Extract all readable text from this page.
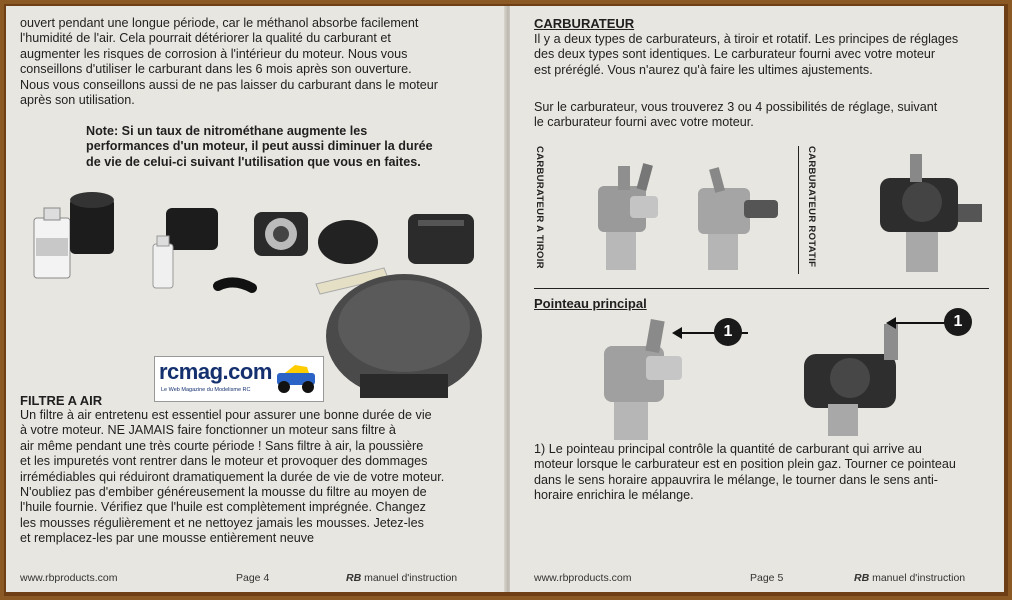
ouvert pendant une longue période, car le méthanol absorbe facilement
l'humidité de l'air. Cela pourrait détériorer la qualité du carburant et
augmenter les risques de corrosion à l'intérieur du moteur. Nous vous
conseillons d'utiliser le carburant dans les 6 mois après son ouverture.
Nous vous conseillons aussi de ne pas laisser du carburant dans le moteur
après son utilisation.

Note: Si un taux de nitrométhane augmente les
performances d'un moteur, il peut aussi diminuer la durée
de vie de celui-ci suivant l'utilisation que vous en faites.

rcmag.com
Le Web Magazine du Modelisme RC
FILTRE A AIR

Un filtre à air entretenu est essentiel pour assurer une bonne durée de vie
à votre moteur. NE JAMAIS faire fonctionner un moteur sans filtre à
air même pendant une très courte période ! Sans filtre à air, la poussière
et les impuretés vont rentrer dans le moteur et provoquer des dommages
irrémédiables qui réduiront dramatiquement la durée de vie de votre moteur.
N'oubliez pas d'embiber généreusement la mousse du filtre au moyen de
l'huile fournie. Vérifiez que l'huile est complètement imprégnée. Changez
les mousses régulièrement et ne nettoyez jamais les mousses. Jetez-les
et remplacez-les par une mousse entièrement neuve

www.rbproducts.com	Page 4	RB manuel d'instruction
CARBURATEUR

Il y a deux types de carburateurs, à tiroir et rotatif. Les principes de réglages
des deux types sont identiques. Le carburateur fourni avec votre moteur
est préréglé. Vous n'aurez qu'à faire les ultimes ajustements.

Sur le carburateur, vous trouverez 3 ou 4 possibilités de réglage, suivant
le carburateur fourni avec votre moteur.

CARBURATEUR A TIROIR	CARBURATEUR ROTATIF
Pointeau principal
1
1

1) Le pointeau principal contrôle la quantité de carburant qui arrive au
moteur lorsque le carburateur est en position plein gaz. Tourner ce pointeau
dans le sens horaire appauvrira le mélange, le tourner dans le sens anti-
horaire enrichira le mélange.

www.rbproducts.com	Page 5	RB manuel d'instruction
